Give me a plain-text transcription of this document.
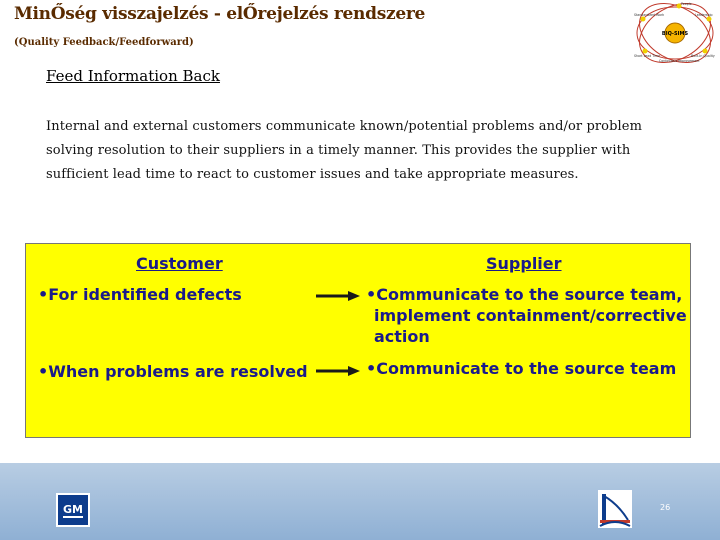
MinŐség visszajelzés - elŐrejelzés rendszere
(Quality Feedback/Feedforward)
BIQ-SIMS
People
Standardized Work	Leadership
Short Lead Time	Built-In Quality
Continuous Improvement
Feed Information Back
Internal and external customers communicate known/potential problems and/or problem solving resolution to their suppliers in a timely manner. This provides the supplier with sufficient lead time to react to customer issues and take appropriate measures.
Customer	Supplier
•For identified defects	•Communicate to the source team,
implement containment/corrective
action
•When problems are resolved	•Communicate to the source team
GM	26
